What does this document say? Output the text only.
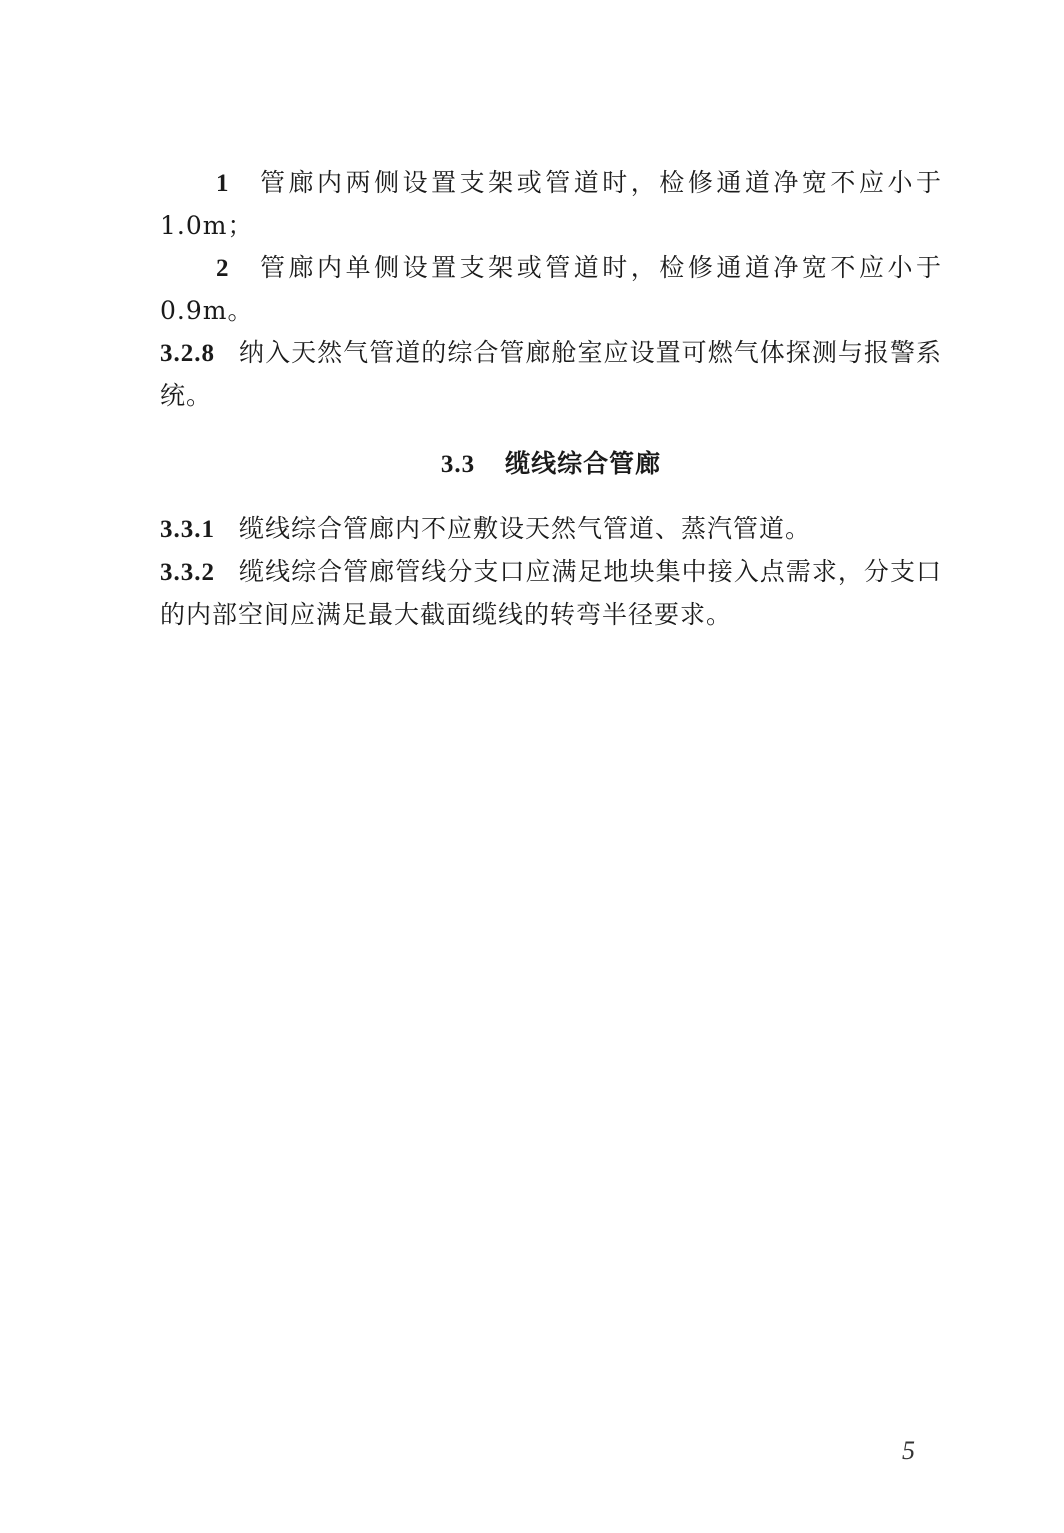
1 管廊内两侧设置支架或管道时，检修通道净宽不应小于 1.0m；

2 管廊内单侧设置支架或管道时，检修通道净宽不应小于 0.9m。

3.2.8 纳入天然气管道的综合管廊舱室应设置可燃气体探测与报警系统。

3.3 缆线综合管廊

3.3.1 缆线综合管廊内不应敷设天然气管道、蒸汽管道。

3.3.2 缆线综合管廊管线分支口应满足地块集中接入点需求，分支口的内部空间应满足最大截面缆线的转弯半径要求。

5
